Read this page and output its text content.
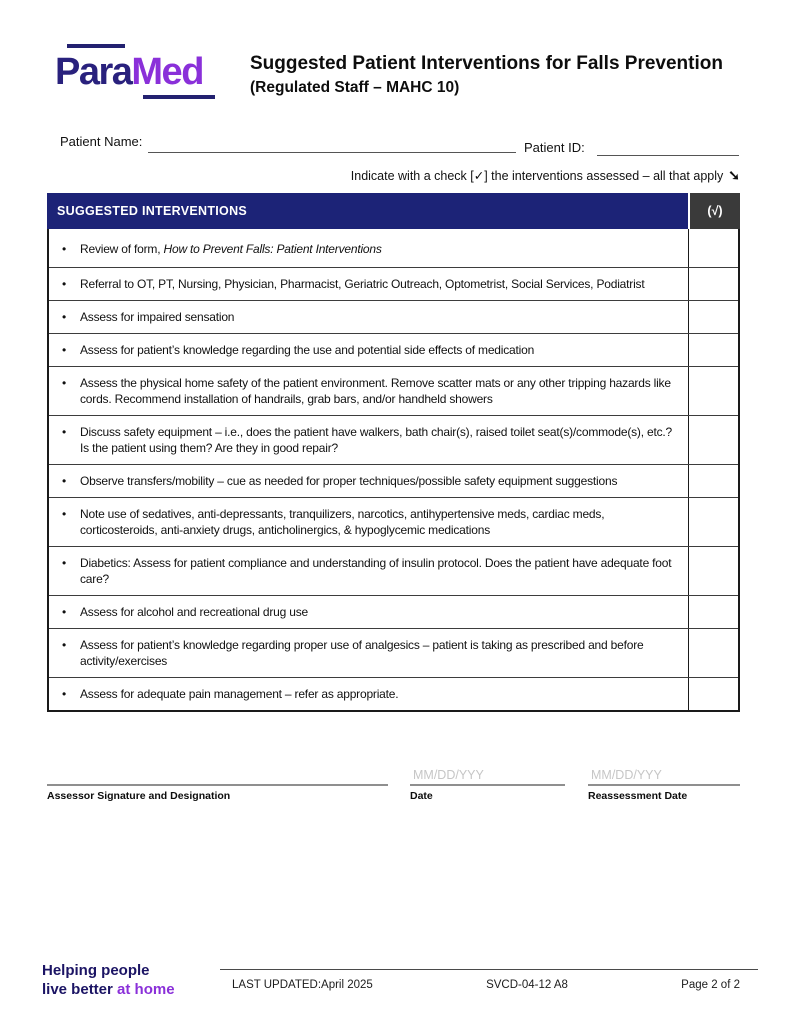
ParaMed	Suggested Patient Interventions for Falls Prevention
(Regulated Staff – MAHC 10)
Patient Name:	Patient ID:
Indicate with a check [✓] the interventions assessed – all that apply ➘
SUGGESTED INTERVENTIONS	(√)
•	Review of form, How to Prevent Falls: Patient Interventions
•	Referral to OT, PT, Nursing, Physician, Pharmacist, Geriatric Outreach, Optometrist, Social Services, Podiatrist
•	Assess for impaired sensation
•	Assess for patient’s knowledge regarding the use and potential side effects of medication
•	Assess the physical home safety of the patient environment. Remove scatter mats or any other tripping hazards like cords. Recommend installation of handrails, grab bars, and/or handheld showers
•	Discuss safety equipment – i.e., does the patient have walkers, bath chair(s), raised toilet seat(s)/commode(s), etc.? Is the patient using them? Are they in good repair?
•	Observe transfers/mobility – cue as needed for proper techniques/possible safety equipment suggestions
•	Note use of sedatives, anti-depressants, tranquilizers, narcotics, antihypertensive meds, cardiac meds, corticosteroids, anti-anxiety drugs, anticholinergics, & hypoglycemic medications
•	Diabetics: Assess for patient compliance and understanding of insulin protocol. Does the patient have adequate foot care?
•	Assess for alcohol and recreational drug use
•	Assess for patient’s knowledge regarding proper use of analgesics – patient is taking as prescribed and before activity/exercises
•	Assess for adequate pain management – refer as appropriate.
Assessor Signature and Designation
MM/DD/YYY
Date
MM/DD/YYY
Reassessment Date
Helping people
live better at home	LAST UPDATED:April 2025	SVCD-04-12 A8	Page 2 of 2
